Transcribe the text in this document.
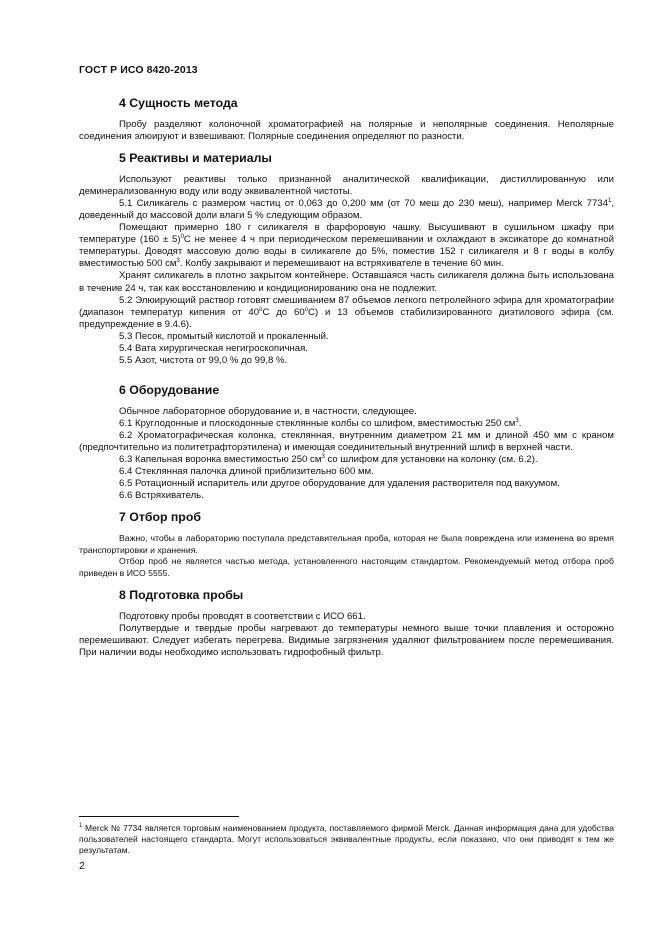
ГОСТ Р ИСО 8420-2013
4 Сущность метода

Пробу разделяют колоночной хроматографией на полярные и неполярные соединения. Неполярные соединения элюируют и взвешивают. Полярные соединения определяют по разности.

5 Реактивы и материалы

Используют реактивы только признанной аналитической квалификации, дистиллированную или деминерализованную воду или воду эквивалентной чистоты.

5.1 Силикагель с размером частиц от 0,063 до 0,200 мм (от 70 меш до 230 меш), например Merck 7734$^1$, доведенный до массовой доли влаги 5 % следующим образом.

Помещают примерно 180 г силикагеля в фарфоровую чашку. Высушивают в сушильном шкафу при температуре $(160 \pm 5)^0С$ не менее 4 ч при периодическом перемешивании и охлаждают в эксикаторе до комнатной температуры. Доводят массовую долю воды в силикагеле до 5%, поместив 152 г силикагеля и 8 г воды в колбу вместимостью 500 $см^3$. Колбу закрывают и перемешивают на встряхивателе в течение 60 мин.

Хранят силикагель в плотно закрытом контейнере. Оставшаяся часть силикагеля должна быть использована в течение 24 ч, так как восстановлению и кондиционированию она не подлежит.

5.2 Элюирующий раствор готовят смешиванием 87 объемов легкого петролейного эфира для хроматографии (диапазон температур кипения от $40^оС$ до $60^оС$) и 13 объемов стабилизированного диэтилового эфира (см. предупреждение в 9.4.6).

5.3 Песок, промытый кислотой и прокаленный.

5.4 Вата хирургическая негигроскопичная.

5.5 Азот, чистота от 99,0 % до 99,8 %.

6 Оборудование

Обычное лабораторное оборудование и, в частности, следующее.

6.1 Круглодонные и плоскодонные стеклянные колбы со шлифом, вместимостью 250 $см^3$.

6.2 Хроматографическая колонка, стеклянная, внутренним диаметром 21 мм и длиной 450 мм с краном (предпочтительно из политетрафторэтилена) и имеющая соединительный внутренний шлиф в верхней части.

6.3 Капельная воронка вместимостью 250 $см^3$ со шлифом для установки на колонку (см. 6.2).

6.4 Стеклянная палочка длиной приблизительно 600 мм.

6.5 Ротационный испаритель или другое оборудование для удаления растворителя под вакуумом.

6.6 Встряхиватель.

7 Отбор проб

Важно, чтобы в лабораторию поступала представительная проба, которая не была повреждена или изменена во время транспортировки и хранения.

Отбор проб не является частью метода, установленного настоящим стандартом. Рекомендуемый метод отбора проб приведен в ИСО 5555.

8 Подготовка пробы

Подготовку пробы проводят в соответствии с ИСО 661.

Полутвердые и твердые пробы нагревают до температуры немного выше точки плавления и осторожно перемешивают. Следует избегать перегрева. Видимые загрязнения удаляют фильтрованием после перемешивания. При наличии воды необходимо использовать гидрофобный фильтр.

$^1$ Merck № 7734 является торговым наименованием продукта, поставляемого фирмой Merck. Данная информация дана для удобства пользователей настоящего стандарта. Могут использоваться эквивалентные продукты, если показано, что они приводят к тем же результатам.
2
